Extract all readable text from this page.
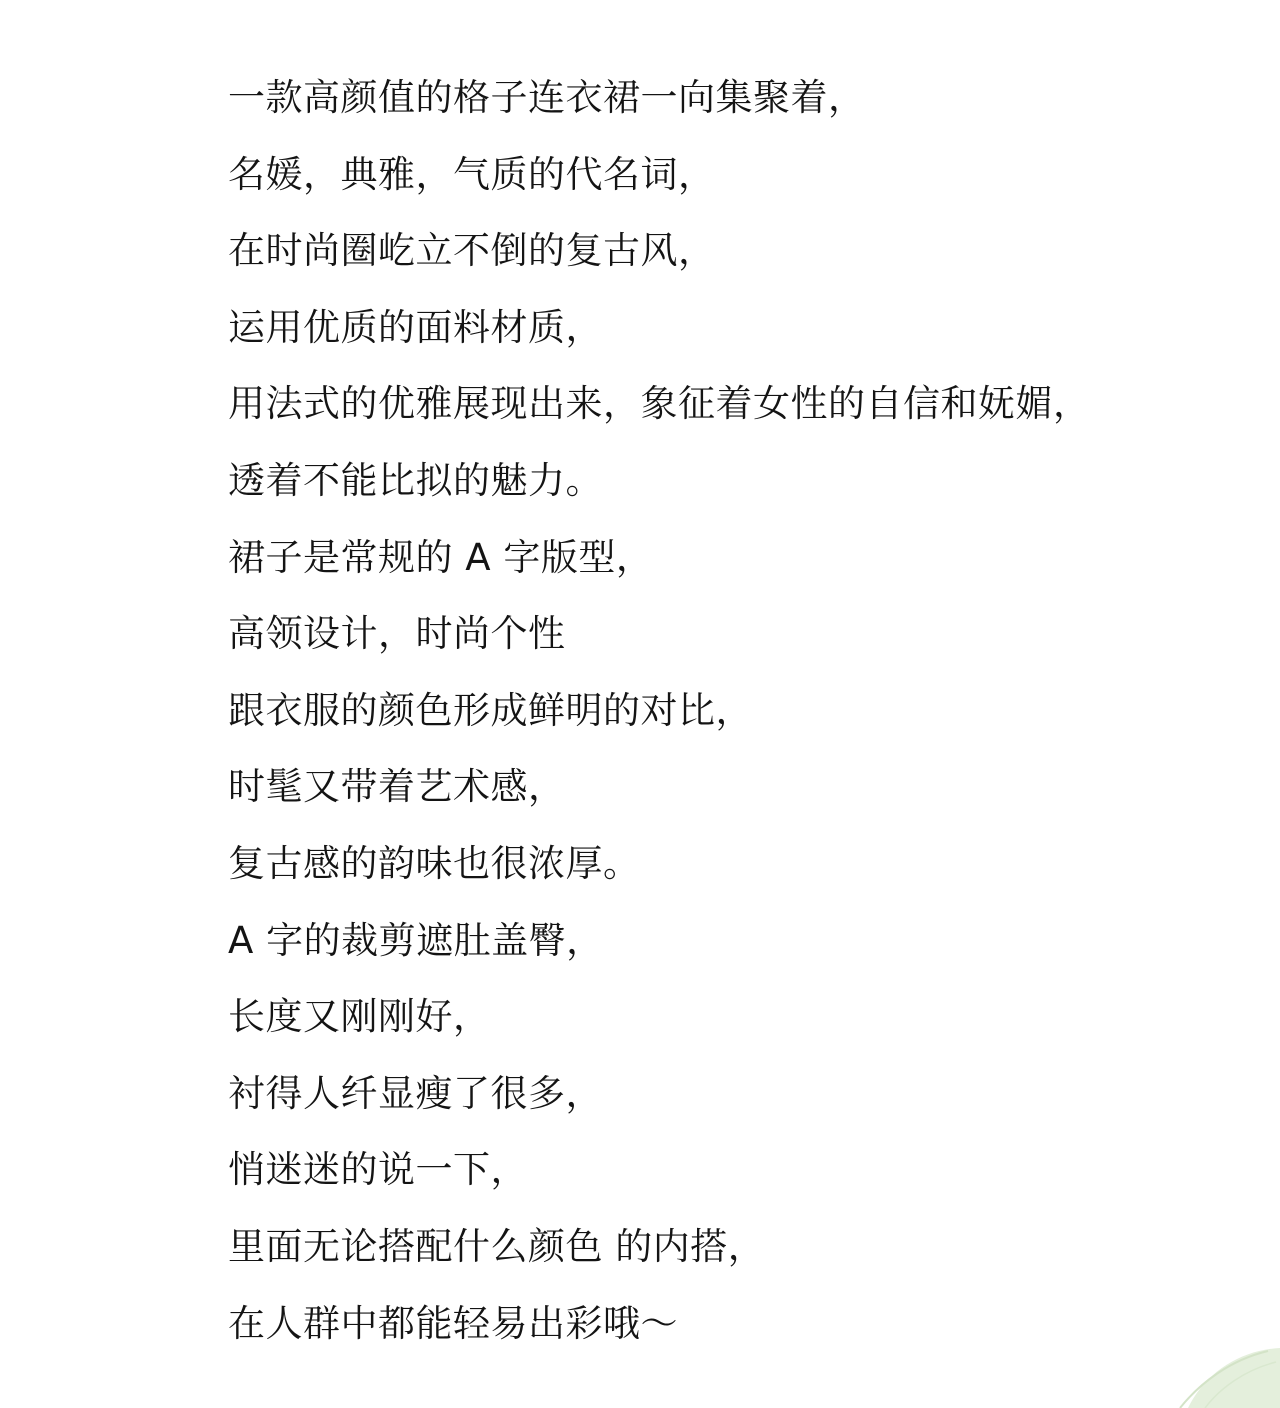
一款高颜值的格子连衣裙一向集聚着，
名媛，典雅，气质的代名词，
在时尚圈屹立不倒的复古风，
运用优质的面料材质，
用法式的优雅展现出来，象征着女性的自信和妩媚，
透着不能比拟的魅力。
裙子是常规的 A 字版型，
高领设计，时尚个性
跟衣服的颜色形成鲜明的对比，
时髦又带着艺术感，
复古感的韵味也很浓厚。
A 字的裁剪遮肚盖臀，
长度又刚刚好，
衬得人纤显瘦了很多，
悄迷迷的说一下，
里面无论搭配什么颜色 的内搭，
在人群中都能轻易出彩哦～
